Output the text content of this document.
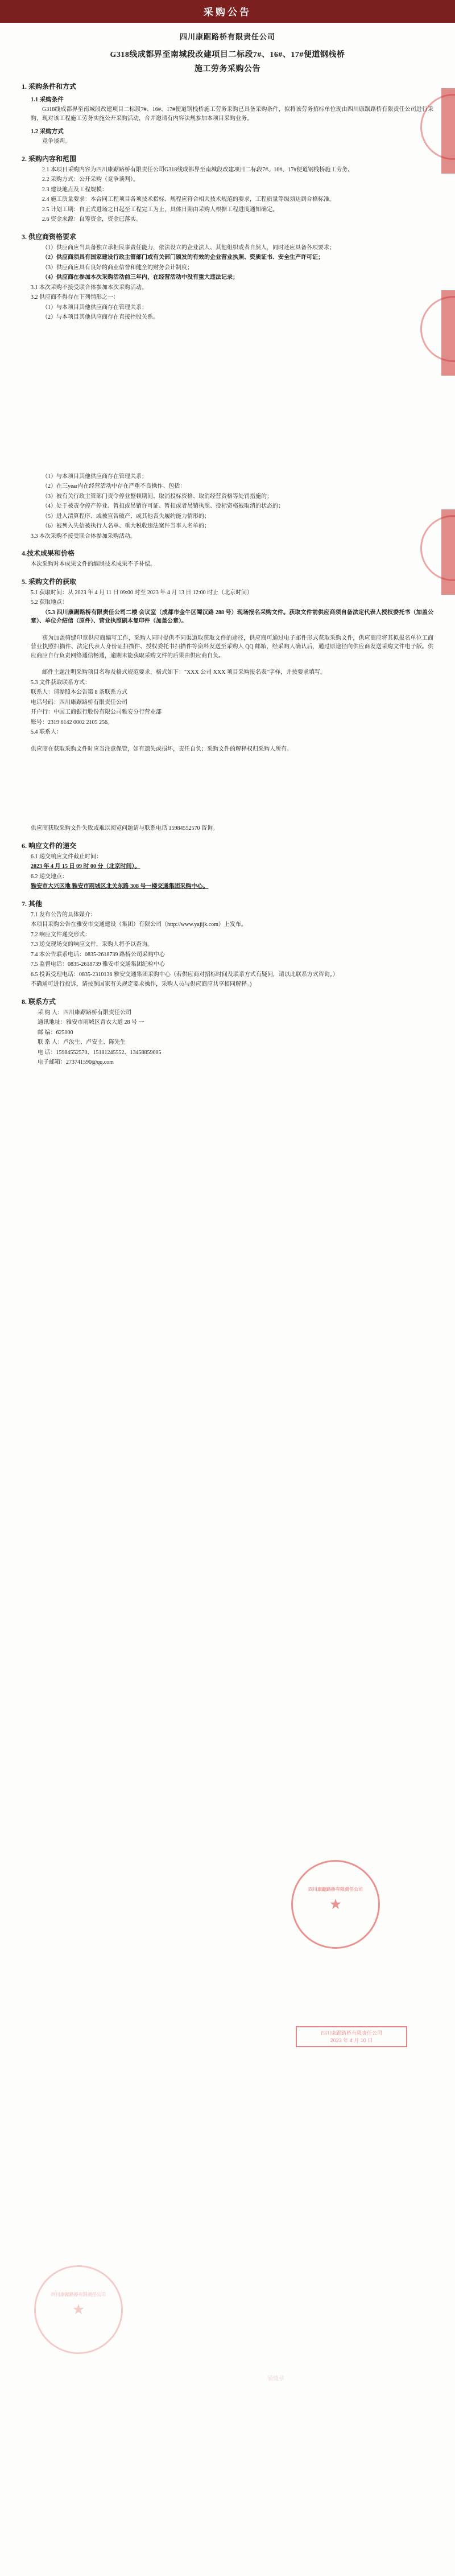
采购公告
四川康踞路桥有限责任公司
G318线成都界至南城段改建项目二标段7#、16#、17#便道钢栈桥
施工劳务采购公告
1. 采购条件和方式
1.1 采购条件
G318线成都界至南城段改建项目二标段7#、16#、17#便道钢栈桥施工劳务采购已具备采购条件，拟将该劳务招标单位现由四川康踞路桥有限责任公司进行采购，现对该工程施工劳务实施公开采购活动，合并邀请有内容法规参加本项目采购业务。
1.2 采购方式
竞争谈判。
2. 采购内容和范围
2.1 本项目采购内容为四川康踞路桥有限责任公司G318线成都界至南城段改建项目二标段7#、16#、17#便道钢栈桥施工劳务。
2.2 采购方式：公开采购（竞争谈判）。
2.3 建设地点及工程规模：
2.4 施工质量要求：本合同工程项目各项技术指标、规程应符合相关技术规范的要求，工程质量等级须达到合格标准。
2.5 计划工期：自正式进场之日起至工程完工为止，具体日期由采购人根据工程进度通知确定。
2.6 资金来源：自筹资金，资金已落实。
3. 供应商资格要求
（1）供应商应当具备独立承担民事责任能力，依法设立的企业法人、其他组织或者自然人，同时还应具备各项要求；
（2）供应商须具有国家建设行政主管部门或有关部门颁发的有效的企业营业执照、资质证书、安全生产许可证；
（3）供应商应具有良好的商业信誉和健全的财务会计制度；
（4）供应商在参加本次采购活动前三年内，在经营活动中没有重大违法记录；
3.1 本次采购不接受联合体参加本次采购活动。
3.2 供应商不得存在下列情形之一：
（1）与本项目其他供应商存在管理关系；
（2）与本项目其他供应商存在直接控股关系。
（1）与本项目其他供应商存在管理关系；
（2）在三year内在经营活动中存在严重不良操作、包括：
（3）被有关行政主管部门责令停业整顿期间、取消投标资格、取消经营资格等处罚措施的；
（4）处于被责令停产停业、暂扣或吊销许可证、暂扣或者吊销执照、投标资格被取消的状态的；
（5）进入清算程序、或被宣告破产、或其他丧失履约能力情形的；
（6）被列入失信被执行人名单、重大税收违法案件当事人名单的；
3.3 本次采购不接受联合体参加采购活动。
4.技术成果和价格
本次采购对本成果文件的编制技术成果不予补偿。
5. 采购文件的获取
5.1 获取时间：从 2023 年 4 月 11 日 09:00 时至 2023 年 4 月 13 日 12:00 时止（北京时间）
5.2 获取地点：
（5.3 四川康踞路桥有限责任公司二楼 会议室（成都市金牛区蜀汉路 288 号）现场报名采购文件。获取文件前供应商须自备法定代表人授权委托书（加盖公章）、单位介绍信（原件）、营业执照副本复印件（加盖公章）。
获为加盖骑缝印章供应商编写工作，采购人同时提供不同渠道取获取文件的途径，供应商可通过电子邮件形式获取采购文件，供应商应将其拟报名单位工商营业执照扫描件、法定代表人身份证扫描件、授权委托书扫描件等资料发送至采购人 QQ 邮箱，经采购人确认后，通过原途径向供应商发送采购文件电子版。供应商应自行负责网络通信畅通，逾期未能获取采购文件的后果由供应商自负。
邮件主题注明采购项目名称及格式规范要求，格式如下："XXX 公司 XXX 项目采购报名表"字样，并按要求填写。
5.3 文件获取联系方式：
联系人：请参照本公告第 8 条联系方式
电话号码：四川康踞路桥有限责任公司
开户行：中国工商银行股份有限公司雅安分行营业部
账号：2319 6142 0002 2105 256。
5.4 联系人：
供应商在获取采购文件时应当注意保管，如有遗失或损坏，责任自负；采购文件的解释权归采购人所有。
供应商获取采购文件失败或难以阅览问题请与联系电话 15984552570 咨询。
6. 响应文件的递交
6.1 递交响应文件截止时间：
2023 年 4 月 15 日 09 时 00 分（北京时间）。
6.2 递交地点：
雅安市大兴区地 雅安市雨城区北关东路 308 号一楼交通集团采购中心。
7. 其他
7.1 发布公告的具体媒介：
本项目采购公告在雅安市交通建设（集团）有限公司（http://www.yajijk.com）上发布。
7.2 响应文件递交形式：
7.3 递交现场交的响应文件，采购人将予以查询。
7.4 本公告联系电话：0835-2618739 路桥公司采购中心
7.5 监督电话：0835-2618739 雅安市交通集团纪检中心
6.5 投诉受理电话：0835-2310136 雅安交通集团采购中心（若供应商对招标时间及联系方式有疑问，请以此联系方式咨询。）
不确通可进行投诉，请按照国家有关规定要求操作，采购人员与供应商应共享相同解释。)
8. 联系方式
采 购 人：四川康踞路桥有限责任公司
通讯地址：雅安市雨城区青衣大道 28 号 一
邮 编：625000
联 系 人：卢汝生、卢安主、陈先生
电 话：15984552570、15181245552、13458859005
电子邮箱：273741590@qq.com
★
四川康踞路桥有限责任公司
四川康踞路桥有限责任公司
2023 年 4 月 10 日
★
四川康踞路桥有限责任公司
骑缝章
